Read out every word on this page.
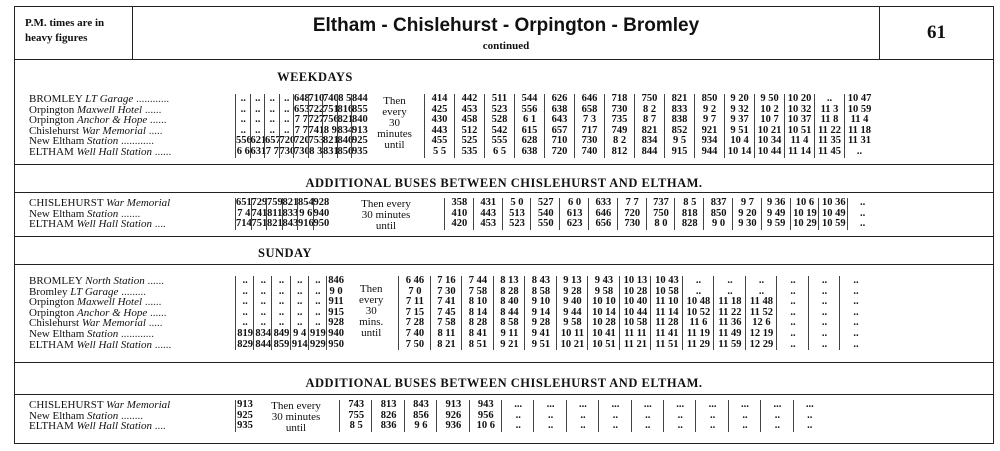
P.M. times are in heavy figures
Eltham - Chislehurst - Orpington - Bromley
continued
61
WEEKDAYS
BROMLEY LT Garage ............
Orpington Maxwell Hotel ......
Orpington Anchor & Hope ......
Chislehurst War Memorial .....
New Eltham Station ............
ELTHAM Well Hall Station ......
..
..
..
..
556
6 6
..
..
..
..
621
631
..
..
..
..
657
7 7
..
..
..
..
720
730
648
653
7 7
7 7
720
730
710
722
727
741
753
8 3
740
751
756
8 9
821
831
8 5
816
821
834
846
856
844
855
840
913
925
935
Then
every
30
minutes
until
414
425
430
443
455
5 5
442
453
458
512
525
535
511
523
528
542
555
6 5
544
556
6 1
615
628
638
626
638
643
657
710
720
646
658
7 3
717
730
740
718
730
735
749
8 2
812
750
8 2
8 7
821
834
844
821
833
838
852
9 5
915
850
9 2
9 7
921
934
944
9 20
9 32
9 37
9 51
10 4
10 14
9 50
10 2
10 7
10 21
10 34
10 44
10 20
10 32
10 37
10 51
11 4
11 14
..
11 3
11 8
11 22
11 35
11 45
10 47
10 59
11 4
11 18
11 31
..
ADDITIONAL BUSES BETWEEN CHISLEHURST AND ELTHAM.
CHISLEHURST War Memorial
New Eltham Station .......
ELTHAM Well Hall Station ....
651
7 4
714
729
741
751
759
811
821
821
833
843
854
9 6
916
928
940
950
Then every
30 minutes
until
358
410
420
431
443
453
5 0
513
523
527
540
550
6 0
613
623
633
646
656
7 7
720
730
737
750
8 0
8 5
818
828
837
850
9 0
9 7
9 20
9 30
9 36
9 49
9 59
10 6
10 19
10 29
10 36
10 49
10 59
..
..
..
SUNDAY
BROMLEY North Station ......
Bromley LT Garage .........
Orpington Maxwell Hotel ......
Orpington Anchor & Hope ......
Chislehurst War Memorial .....
New Eltham Station ............
ELTHAM Well Hall Station ......
..
..
..
..
..
819
829
..
..
..
..
..
834
844
..
..
..
..
..
849
859
..
..
..
..
..
9 4
914
..
..
..
..
..
919
929
846
9 0
911
915
928
940
950
Then
every
30
mins.
until
6 46
7 0
7 11
7 15
7 28
7 40
7 50
7 16
7 30
7 41
7 45
7 58
8 11
8 21
7 44
7 58
8 10
8 14
8 28
8 41
8 51
8 13
8 28
8 40
8 44
8 58
9 11
9 21
8 43
8 58
9 10
9 14
9 28
9 41
9 51
9 13
9 28
9 40
9 44
9 58
10 11
10 21
9 43
9 58
10 10
10 14
10 28
10 41
10 51
10 13
10 28
10 40
10 44
10 58
11 11
11 21
10 43
10 58
11 10
11 14
11 28
11 41
11 51
..
..
10 48
10 52
11 6
11 19
11 29
..
..
11 18
11 22
11 36
11 49
11 59
..
..
11 48
11 52
12 6
12 19
12 29
..
..
..
..
..
..
..
..
..
..
..
..
..
..
..
..
..
..
..
..
..
ADDITIONAL BUSES BETWEEN CHISLEHURST AND ELTHAM.
CHISLEHURST War Memorial
New Eltham Station ........
ELTHAM Well Hall Station ....
913
925
935
Then every
30 minutes
until
743
755
8 5
813
826
836
843
856
9 6
913
926
936
943
956
10 6
...
..
..
...
..
..
...
..
..
...
..
..
...
..
..
...
..
..
...
..
..
...
..
..
...
..
..
...
..
..
